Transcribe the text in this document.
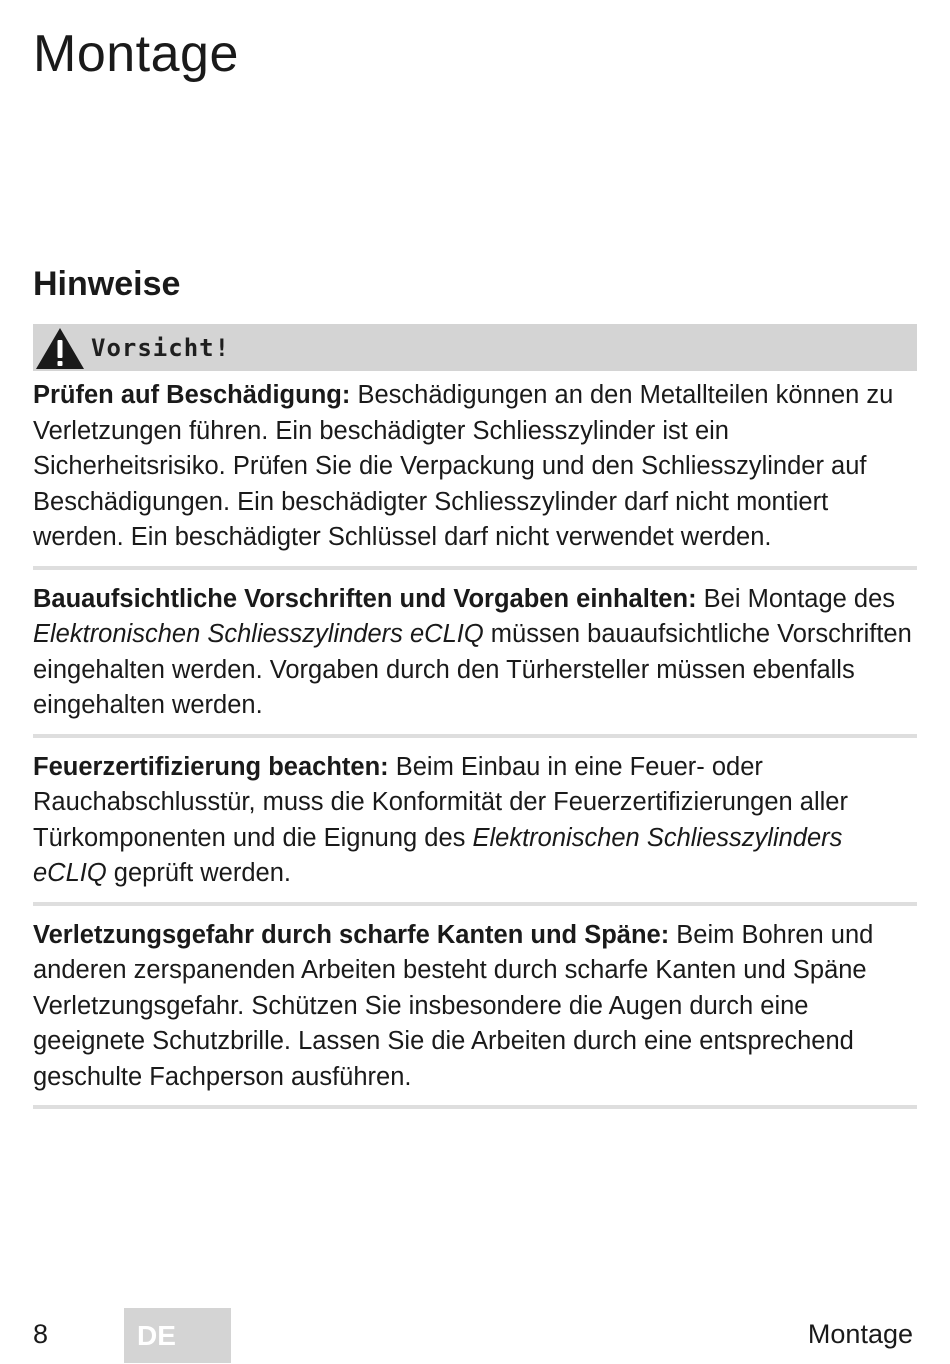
Montage
Hinweise
Vorsicht!
Prüfen auf Beschädigung: Beschädigungen an den Metallteilen können zu Verletzungen führen. Ein beschädigter Schliesszylinder ist ein Sicherheitsrisiko. Prüfen Sie die Verpackung und den Schliesszylinder auf Beschädigungen. Ein beschädigter Schliesszylinder darf nicht montiert werden. Ein beschädigter Schlüssel darf nicht verwendet werden.
Bauaufsichtliche Vorschriften und Vorgaben einhalten: Bei Montage des Elektronischen Schliesszylinders eCLIQ müssen bauaufsichtliche Vorschriften eingehalten werden. Vorgaben durch den Türhersteller müssen ebenfalls eingehalten werden.
Feuerzertifizierung beachten: Beim Einbau in eine Feuer- oder Rauchabschlusstür, muss die Konformität der Feuerzertifizierungen aller Türkomponenten und die Eignung des Elektronischen Schliesszylinders eCLIQ geprüft werden.
Verletzungsgefahr durch scharfe Kanten und Späne: Beim Bohren und anderen zerspanenden Arbeiten besteht durch scharfe Kanten und Späne Verletzungsgefahr. Schützen Sie insbesondere die Augen durch eine geeignete Schutzbrille. Lassen Sie die Arbeiten durch eine entsprechend geschulte Fachperson ausführen.
8	DE	Montage
